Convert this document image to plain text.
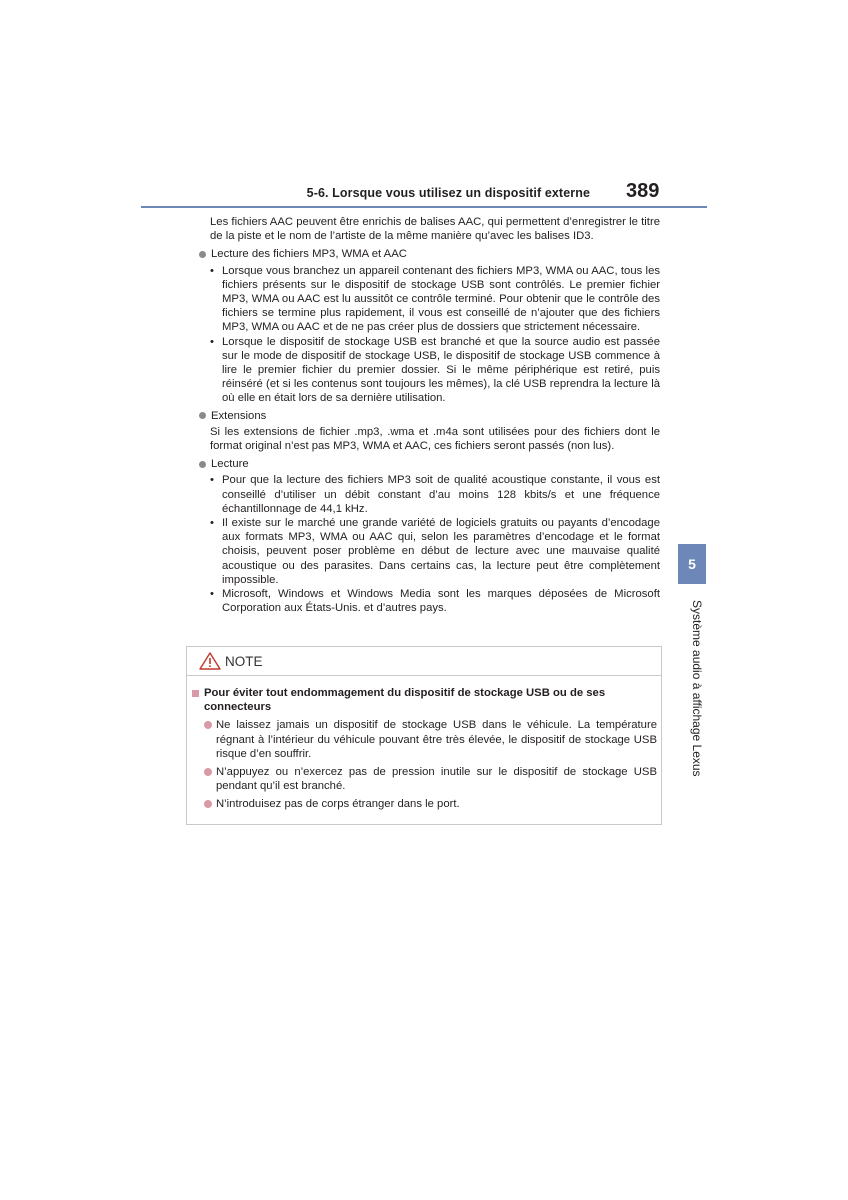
5-6. Lorsque vous utilisez un dispositif externe 389
5
Système audio à affichage Lexus

Les fichiers AAC peuvent être enrichis de balises AAC, qui permettent d’enregistrer le titre de la piste et le nom de l’artiste de la même manière qu’avec les balises ID3.

Lecture des fichiers MP3, WMA et AAC
• Lorsque vous branchez un appareil contenant des fichiers MP3, WMA ou AAC, tous les fichiers présents sur le dispositif de stockage USB sont contrôlés. Le premier fichier MP3, WMA ou AAC est lu aussitôt ce contrôle terminé. Pour obtenir que le contrôle des fichiers se termine plus rapidement, il vous est conseillé de n’ajouter que des fichiers MP3, WMA ou AAC et de ne pas créer plus de dossiers que strictement nécessaire.
• Lorsque le dispositif de stockage USB est branché et que la source audio est passée sur le mode de dispositif de stockage USB, le dispositif de stockage USB commence à lire le premier fichier du premier dossier. Si le même périphérique est retiré, puis réinséré (et si les contenus sont toujours les mêmes), la clé USB reprendra la lecture là où elle en était lors de sa dernière utilisation.
Extensions

Si les extensions de fichier .mp3, .wma et .m4a sont utilisées pour des fichiers dont le format original n’est pas MP3, WMA et AAC, ces fichiers seront passés (non lus).

Lecture
• Pour que la lecture des fichiers MP3 soit de qualité acoustique constante, il vous est conseillé d’utiliser un débit constant d’au moins 128 kbits/s et une fréquence échantillonnage de 44,1 kHz.
• Il existe sur le marché une grande variété de logiciels gratuits ou payants d’encodage aux formats MP3, WMA ou AAC qui, selon les paramètres d’encodage et le format choisis, peuvent poser problème en début de lecture avec une mauvaise qualité acoustique ou des parasites. Dans certains cas, la lecture peut être complètement impossible.
• Microsoft, Windows et Windows Media sont les marques déposées de Microsoft Corporation aux États-Unis. et d’autres pays.
NOTE
Pour éviter tout endommagement du dispositif de stockage USB ou de ses connecteurs
Ne laissez jamais un dispositif de stockage USB dans le véhicule. La température régnant à l’intérieur du véhicule pouvant être très élevée, le dispositif de stockage USB risque d’en souffrir.
N’appuyez ou n’exercez pas de pression inutile sur le dispositif de stockage USB pendant qu’il est branché.
N’introduisez pas de corps étranger dans le port.
